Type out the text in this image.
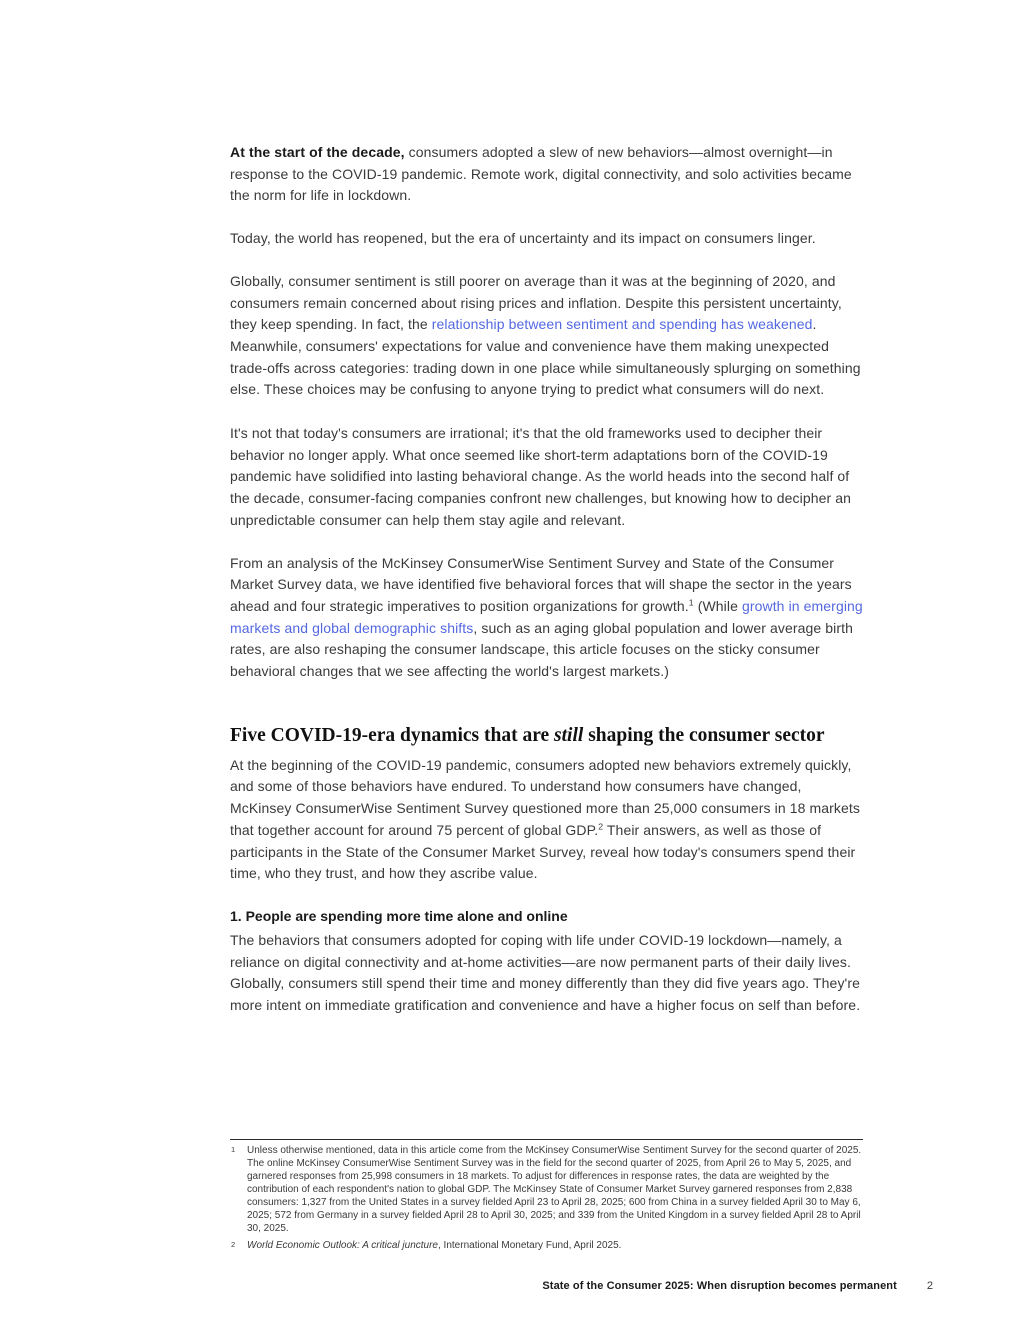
At the start of the decade, consumers adopted a slew of new behaviors—almost overnight—in response to the COVID-19 pandemic. Remote work, digital connectivity, and solo activities became the norm for life in lockdown.

Today, the world has reopened, but the era of uncertainty and its impact on consumers linger.

Globally, consumer sentiment is still poorer on average than it was at the beginning of 2020, and consumers remain concerned about rising prices and inflation. Despite this persistent uncertainty, they keep spending. In fact, the relationship between sentiment and spending has weakened. Meanwhile, consumers' expectations for value and convenience have them making unexpected trade-offs across categories: trading down in one place while simultaneously splurging on something else. These choices may be confusing to anyone trying to predict what consumers will do next.

It's not that today's consumers are irrational; it's that the old frameworks used to decipher their behavior no longer apply. What once seemed like short-term adaptations born of the COVID-19 pandemic have solidified into lasting behavioral change. As the world heads into the second half of the decade, consumer-facing companies confront new challenges, but knowing how to decipher an unpredictable consumer can help them stay agile and relevant.

From an analysis of the McKinsey ConsumerWise Sentiment Survey and State of the Consumer Market Survey data, we have identified five behavioral forces that will shape the sector in the years ahead and four strategic imperatives to position organizations for growth.$^1$ (While growth in emerging markets and global demographic shifts, such as an aging global population and lower average birth rates, are also reshaping the consumer landscape, this article focuses on the sticky consumer behavioral changes that we see affecting the world's largest markets.)

Five COVID-19-era dynamics that are still shaping the consumer sector

At the beginning of the COVID-19 pandemic, consumers adopted new behaviors extremely quickly, and some of those behaviors have endured. To understand how consumers have changed, McKinsey ConsumerWise Sentiment Survey questioned more than 25,000 consumers in 18 markets that together account for around 75 percent of global GDP.$^2$ Their answers, as well as those of participants in the State of the Consumer Market Survey, reveal how today's consumers spend their time, who they trust, and how they ascribe value.

1. People are spending more time alone and online

The behaviors that consumers adopted for coping with life under COVID-19 lockdown—namely, a reliance on digital connectivity and at-home activities—are now permanent parts of their daily lives. Globally, consumers still spend their time and money differently than they did five years ago. They're more intent on immediate gratification and convenience and have a higher focus on self than before.

1 Unless otherwise mentioned, data in this article come from the McKinsey ConsumerWise Sentiment Survey for the second quarter of 2025. The online McKinsey ConsumerWise Sentiment Survey was in the field for the second quarter of 2025, from April 26 to May 5, 2025, and garnered responses from 25,998 consumers in 18 markets. To adjust for differences in response rates, the data are weighted by the contribution of each respondent's nation to global GDP. The McKinsey State of Consumer Market Survey garnered responses from 2,838 consumers: 1,327 from the United States in a survey fielded April 23 to April 28, 2025; 600 from China in a survey fielded April 30 to May 6, 2025; 572 from Germany in a survey fielded April 28 to April 30, 2025; and 339 from the United Kingdom in a survey fielded April 28 to April 30, 2025.
2 World Economic Outlook: A critical juncture, International Monetary Fund, April 2025.
State of the Consumer 2025: When disruption becomes permanent	2
